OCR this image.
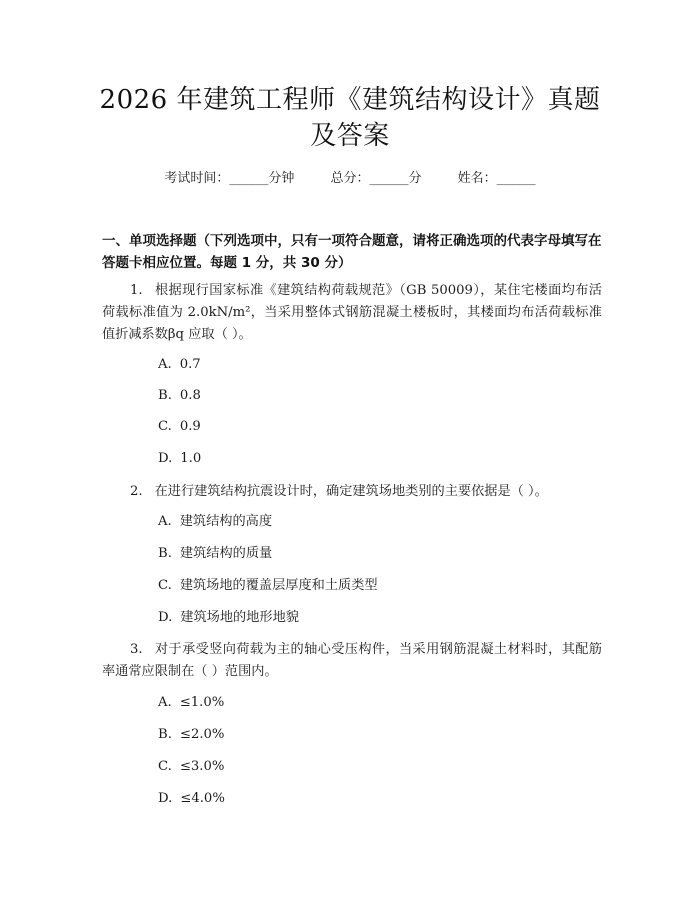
2026 年建筑工程师《建筑结构设计》真题及答案
考试时间：______分钟	总分：______分	姓名：______
一、单项选择题（下列选项中，只有一项符合题意，请将正确选项的代表字母填写在答题卡相应位置。每题 1 分，共 30 分）
1. 根据现行国家标准《建筑结构荷载规范》（GB 50009），某住宅楼面均布活荷载标准值为 2.0kN/m²，当采用整体式钢筋混凝土楼板时，其楼面均布活荷载标准值折减系数βq 应取（ ）。
A. 0.7
B. 0.8
C. 0.9
D. 1.0
2. 在进行建筑结构抗震设计时，确定建筑场地类别的主要依据是（ ）。
A. 建筑结构的高度
B. 建筑结构的质量
C. 建筑场地的覆盖层厚度和土质类型
D. 建筑场地的地形地貌
3. 对于承受竖向荷载为主的轴心受压构件，当采用钢筋混凝土材料时，其配筋率通常应限制在（ ）范围内。
A. ≤1.0%
B. ≤2.0%
C. ≤3.0%
D. ≤4.0%
